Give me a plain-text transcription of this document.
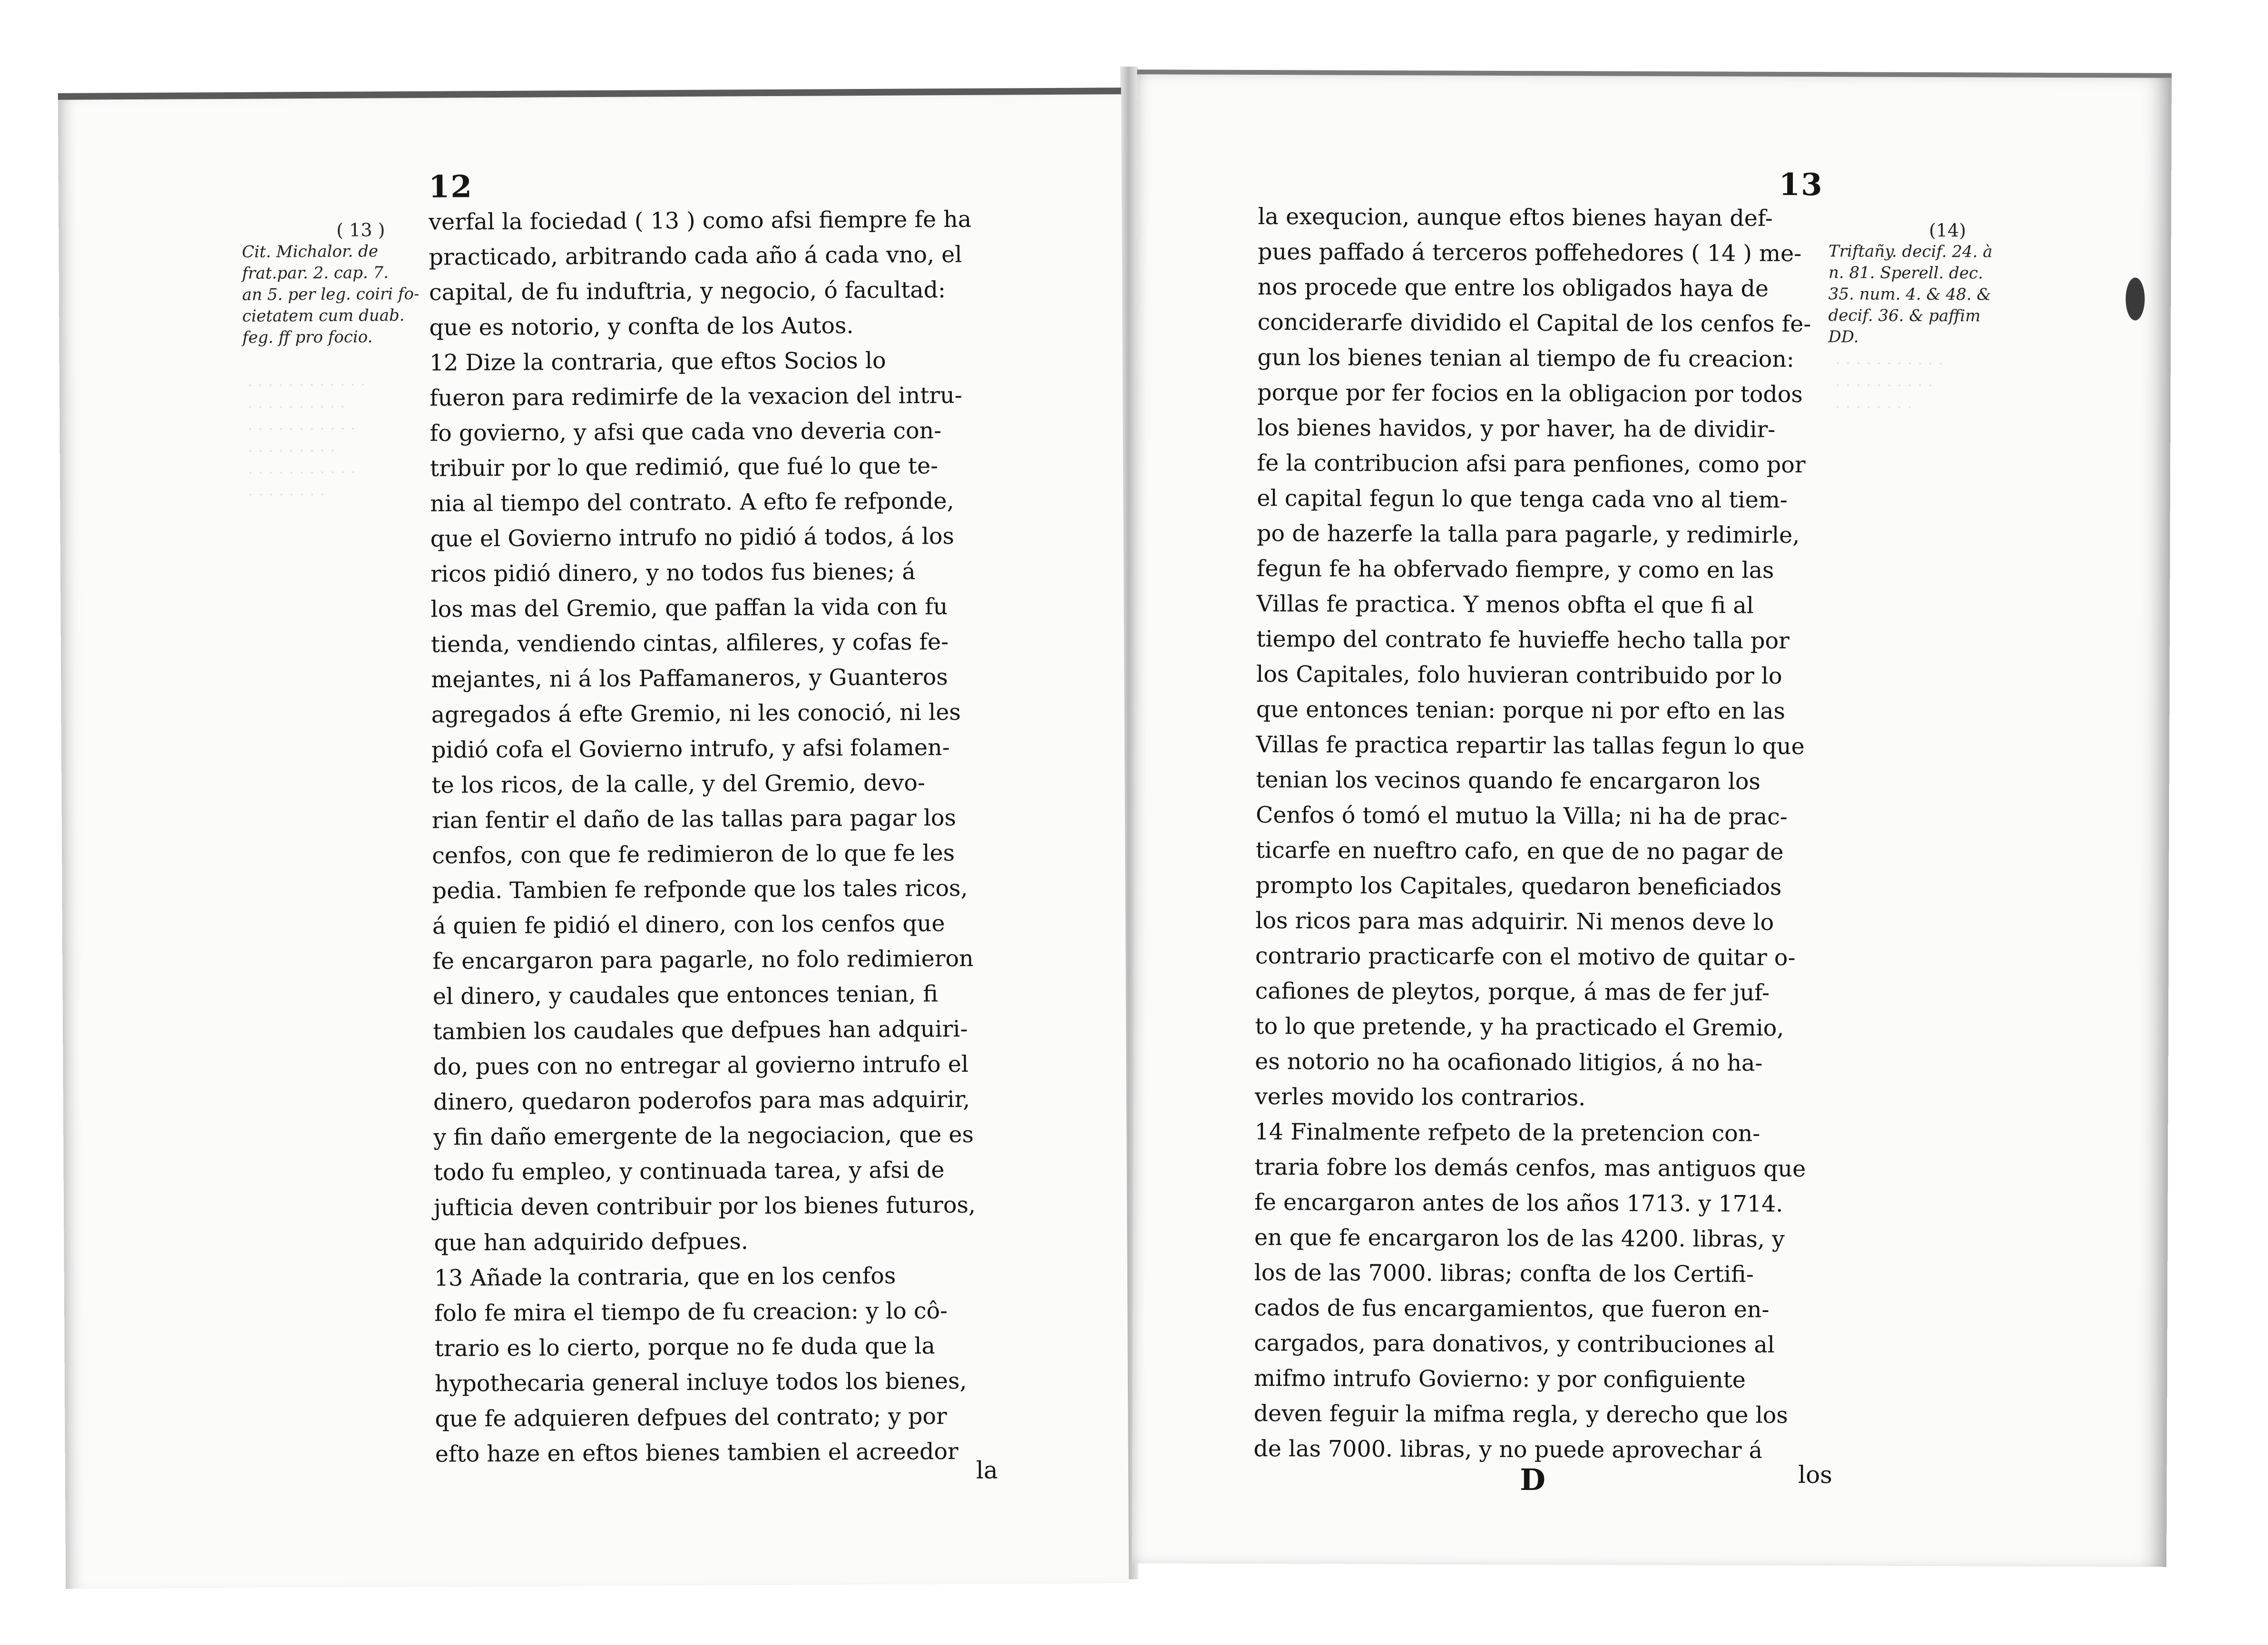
12
( 13 )
Cit. Michalor. de
frat.par. 2. cap. 7.
an 5. per leg. coiri fo-
cietatem cum duab.
feg. ff pro focio.
· · · · · · · · · · · ·
· · · · · · · · · ·
· · · · · · · · · · ·
· · · · · · · · ·
· · · · · · · · · · ·
· · · · · · · ·
verfal la fociedad ( 13 ) como afsi fiempre fe ha
practicado, arbitrando cada año á cada vno, el
capital, de fu induftria, y negocio, ó facultad:
que es notorio, y confta de los Autos.
12 Dize la contraria, que eftos Socios lo
fueron para redimirfe de la vexacion del intru-
fo govierno, y afsi que cada vno deveria con-
tribuir por lo que redimió, que fué lo que te-
nia al tiempo del contrato. A efto fe refponde,
que el Govierno intrufo no pidió á todos, á los
ricos pidió dinero, y no todos fus bienes; á
los mas del Gremio, que paffan la vida con fu
tienda, vendiendo cintas, alfileres, y cofas fe-
mejantes, ni á los Paffamaneros, y Guanteros
agregados á efte Gremio, ni les conoció, ni les
pidió cofa el Govierno intrufo, y afsi folamen-
te los ricos, de la calle, y del Gremio, devo-
rian fentir el daño de las tallas para pagar los
cenfos, con que fe redimieron de lo que fe les
pedia. Tambien fe refponde que los tales ricos,
á quien fe pidió el dinero, con los cenfos que
fe encargaron para pagarle, no folo redimieron
el dinero, y caudales que entonces tenian, fi
tambien los caudales que defpues han adquiri-
do, pues con no entregar al govierno intrufo el
dinero, quedaron poderofos para mas adquirir,
y fin daño emergente de la negociacion, que es
todo fu empleo, y continuada tarea, y afsi de
jufticia deven contribuir por los bienes futuros,
que han adquirido defpues.
13 Añade la contraria, que en los cenfos
folo fe mira el tiempo de fu creacion: y lo cô-
trario es lo cierto, porque no fe duda que la
hypothecaria general incluye todos los bienes,
que fe adquieren defpues del contrato; y por
efto haze en eftos bienes tambien el acreedor
la
13
(14)
Triftañy. decif. 24. à
n. 81. Sperell. dec.
35. num. 4. & 48. &
decif. 36. & paffim
DD.
· · · · · · · · · · ·
· · · · · · · · · ·
· · · · · · · ·
la exequcion, aunque eftos bienes hayan def-
pues paffado á terceros poffehedores ( 14 ) me-
nos procede que entre los obligados haya de
conciderarfe dividido el Capital de los cenfos fe-
gun los bienes tenian al tiempo de fu creacion:
porque por fer focios en la obligacion por todos
los bienes havidos, y por haver, ha de dividir-
fe la contribucion afsi para penfiones, como por
el capital fegun lo que tenga cada vno al tiem-
po de hazerfe la talla para pagarle, y redimirle,
fegun fe ha obfervado fiempre, y como en las
Villas fe practica. Y menos obfta el que fi al
tiempo del contrato fe huvieffe hecho talla por
los Capitales, folo huvieran contribuido por lo
que entonces tenian: porque ni por efto en las
Villas fe practica repartir las tallas fegun lo que
tenian los vecinos quando fe encargaron los
Cenfos ó tomó el mutuo la Villa; ni ha de prac-
ticarfe en nueftro cafo, en que de no pagar de
prompto los Capitales, quedaron beneficiados
los ricos para mas adquirir. Ni menos deve lo
contrario practicarfe con el motivo de quitar o-
cafiones de pleytos, porque, á mas de fer juf-
to lo que pretende, y ha practicado el Gremio,
es notorio no ha ocafionado litigios, á no ha-
verles movido los contrarios.
14 Finalmente refpeto de la pretencion con-
traria fobre los demás cenfos, mas antiguos que
fe encargaron antes de los años 1713. y 1714.
en que fe encargaron los de las 4200. libras, y
los de las 7000. libras; confta de los Certifi-
cados de fus encargamientos, que fueron en-
cargados, para donativos, y contribuciones al
mifmo intrufo Govierno: y por configuiente
deven feguir la mifma regla, y derecho que los
de las 7000. libras, y no puede aprovechar á
D	los
